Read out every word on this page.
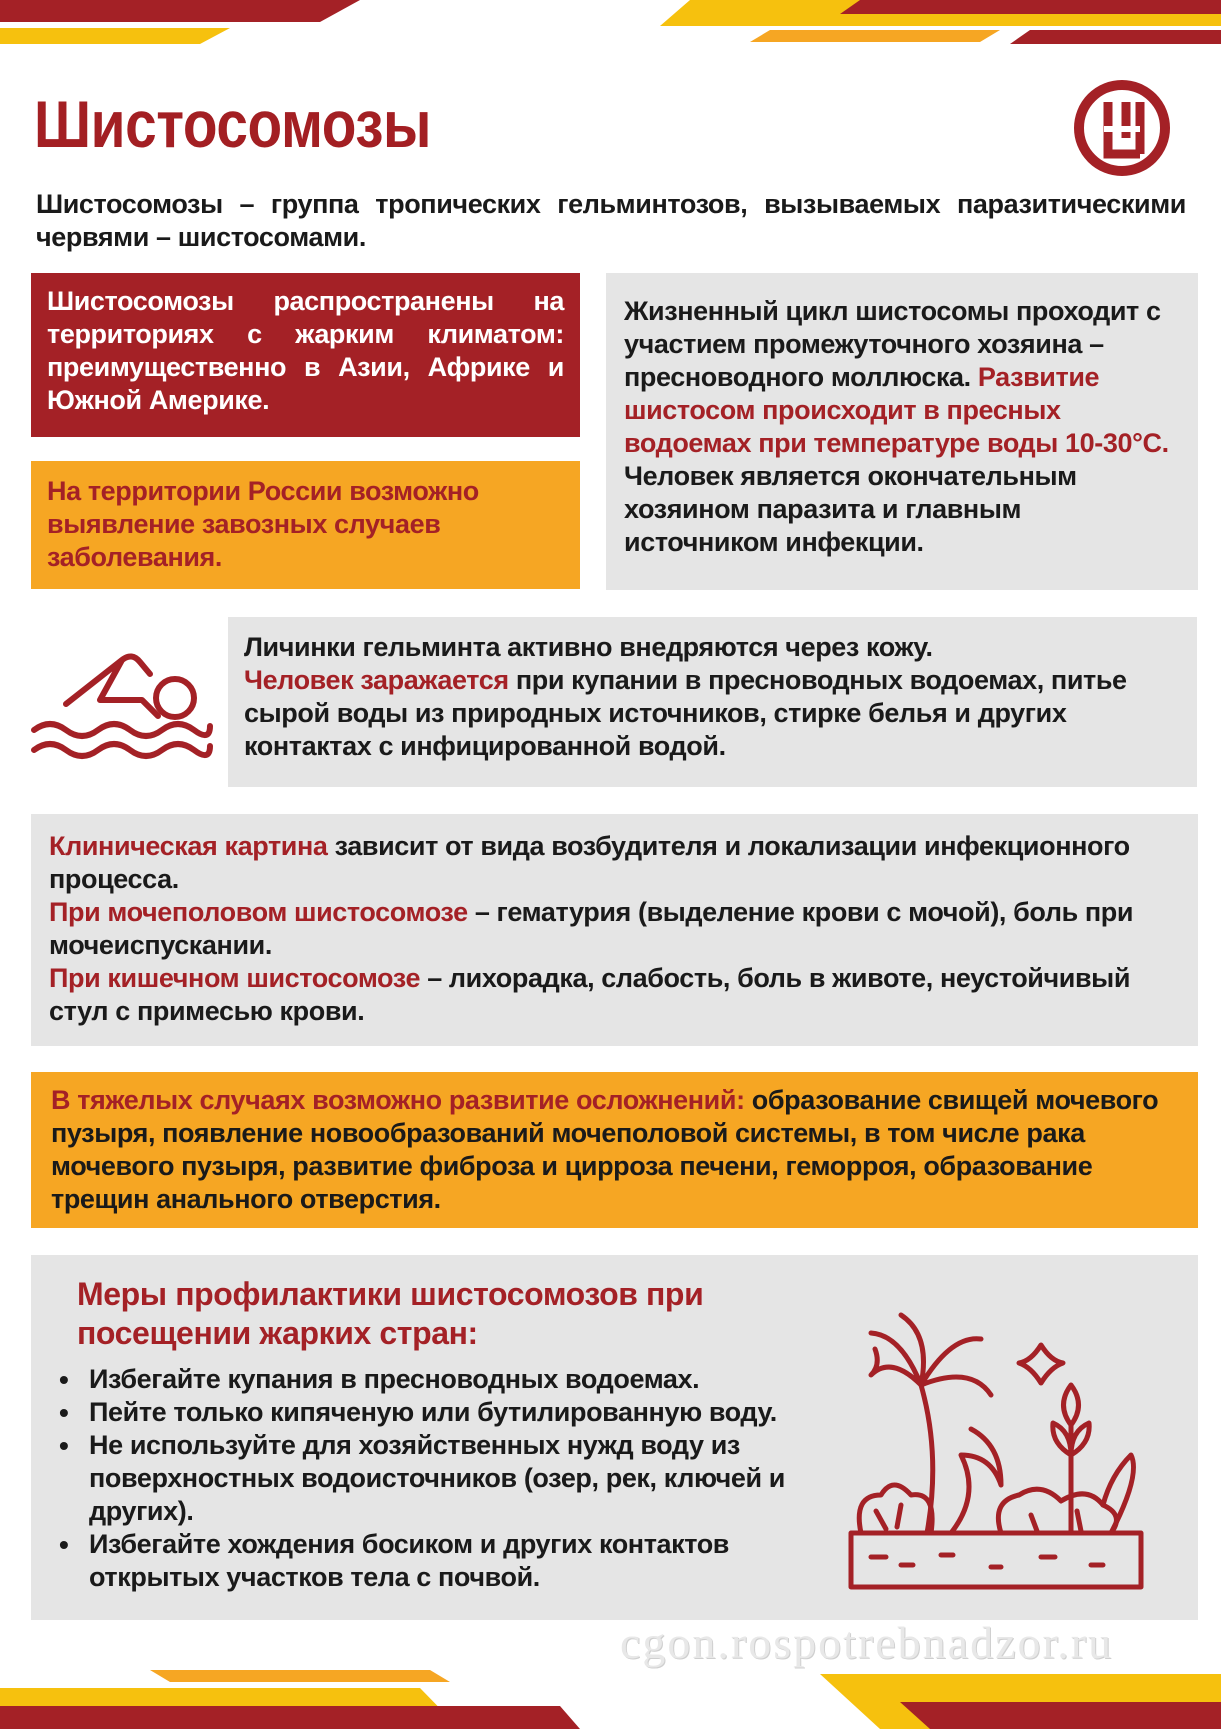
Шистосомозы
Шистосомозы – группа тропических гельминтозов, вызываемых паразитическими червями – шистосомами.

Шистосомозы распространены на территориях с жарким климатом: преимущественно в Азии, Африке и Южной Америке.

На территории России возможно выявление завозных случаев заболевания.

Жизненный цикл шистосомы проходит с участием промежуточного хозяина – пресноводного моллюска. Развитие шистосом происходит в пресных водоемах при температуре воды 10-30°С. Человек является окончательным хозяином паразита и главным источником инфекции.

Личинки гельминта активно внедряются через кожу.

Человек заражается при купании в пресноводных водоемах, питье сырой воды из природных источников, стирке белья и других контактах с инфицированной водой.

Клиническая картина зависит от вида возбудителя и локализации инфекционного процесса.

При мочеполовом шистосомозе – гематурия (выделение крови с мочой), боль при мочеиспускании.

При кишечном шистосомозе – лихорадка, слабость, боль в животе, неустойчивый стул с примесью крови.

В тяжелых случаях возможно развитие осложнений: образование свищей мочевого пузыря, появление новообразований мочеполовой системы, в том числе рака мочевого пузыря, развитие фиброза и цирроза печени, геморроя, образование трещин анального отверстия.

Меры профилактики шистосомозов при посещении жарких стран:
• Избегайте купания в пресноводных водоемах.
• Пейте только кипяченую или бутилированную воду.
• Не используйте для хозяйственных нужд воду из поверхностных водоисточников (озер, рек, ключей и других).
• Избегайте хождения босиком и других контактов открытых участков тела с почвой.
cgon.rospotrebnadzor.ru
